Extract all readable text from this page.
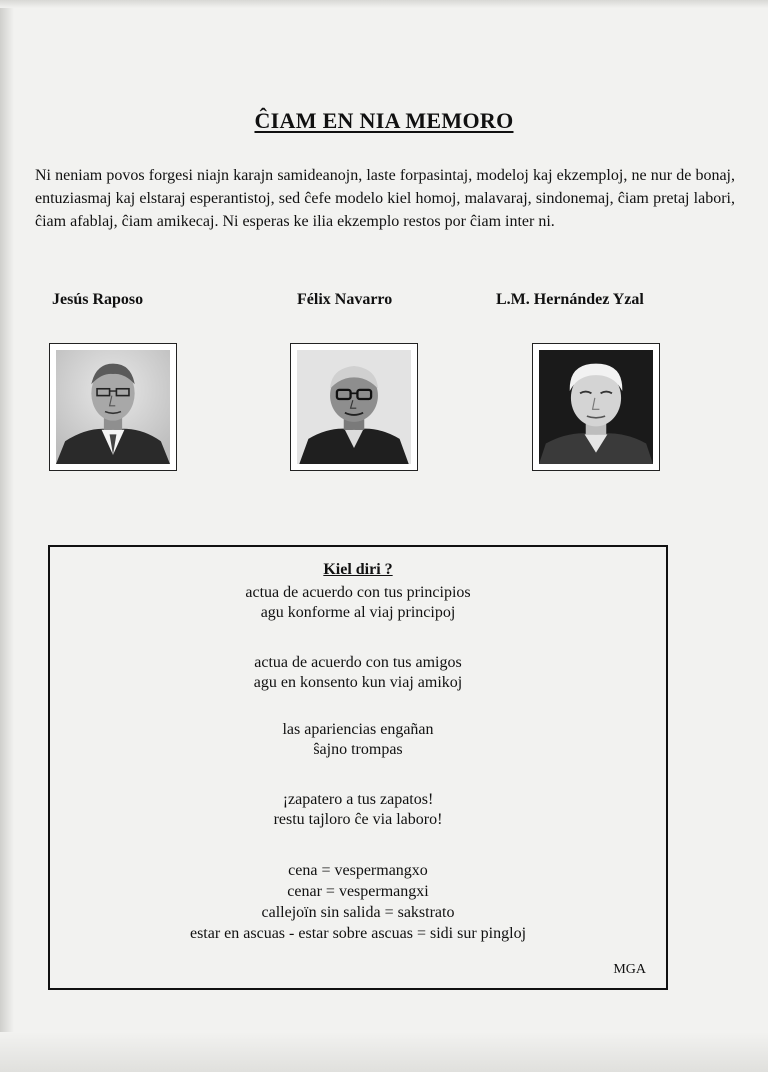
ĈIAM EN NIA MEMORO
Ni neniam povos forgesi niajn karajn samideanojn, laste forpasintaj, modeloj kaj ekzemploj, ne nur de bonaj, entuziasmaj kaj elstaraj esperantistoj, sed ĉefe modelo kiel homoj, malavaraj, sindonemaj, ĉiam pretaj labori, ĉiam afablaj, ĉiam amikecaj. Ni esperas ke ilia ekzemplo restos por ĉiam inter ni.
Jesús Raposo	Félix Navarro	L.M. Hernández Yzal
Kiel diri ?
actua de acuerdo con tus principios
agu konforme al viaj principoj
actua de acuerdo con tus amigos
agu en konsento kun viaj amikoj
las apariencias engañan
ŝajno trompas
¡zapatero a tus zapatos!
restu tajloro ĉe via laboro!
cena = vespermangxo
cenar = vespermangxi
callejoïn sin salida = sakstrato
estar en ascuas - estar sobre ascuas = sidi sur pingloj
MGA
